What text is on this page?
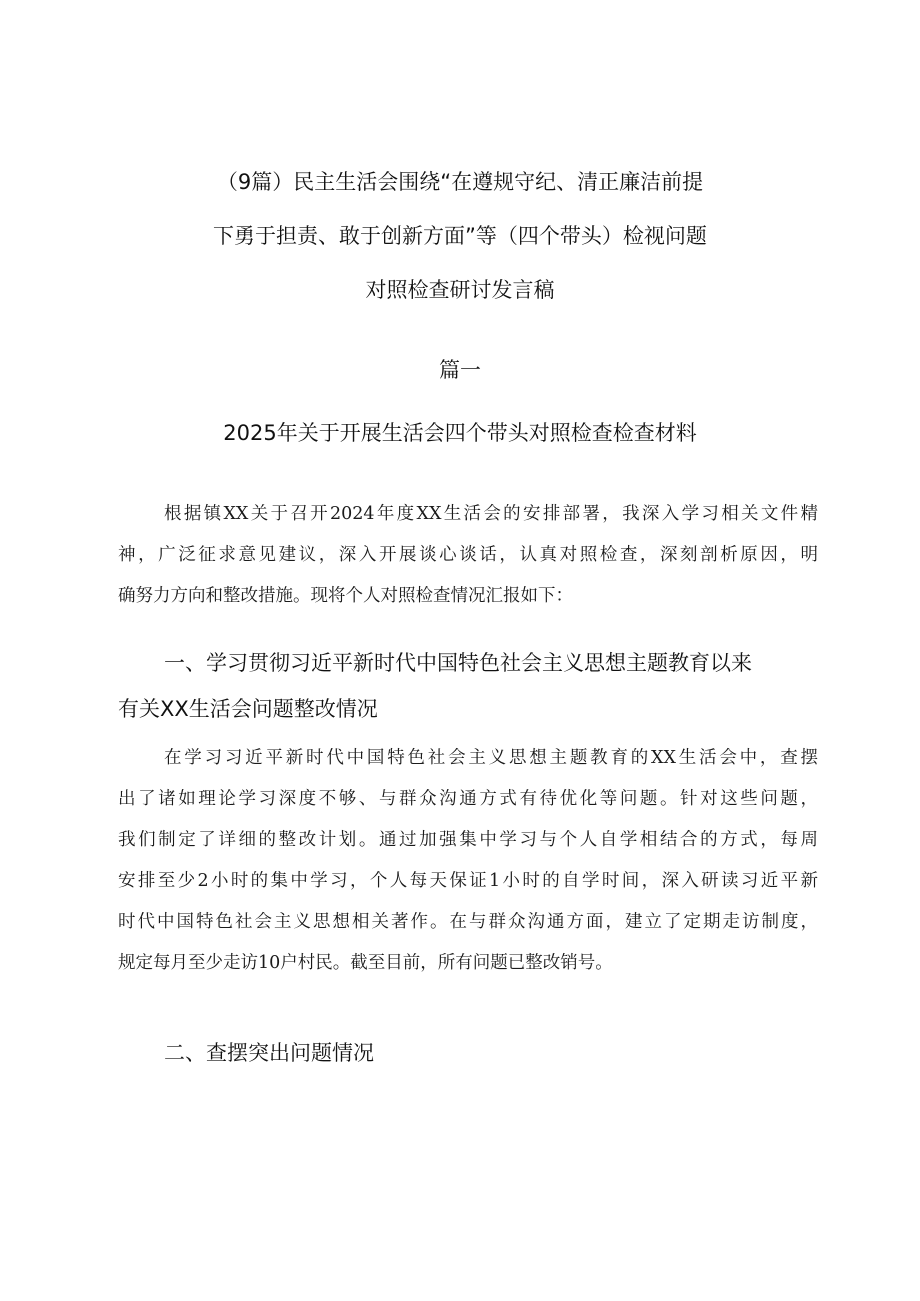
（9篇）民主生活会围绕“在遵规守纪、清正廉洁前提
下勇于担责、敢于创新方面”等（四个带头）检视问题
对照检查研讨发言稿
篇一
2025年关于开展生活会四个带头对照检查检查材料
根据镇XX关于召开2024年度XX生活会的安排部署，我深入学习相关文件精
神，广泛征求意见建议，深入开展谈心谈话，认真对照检查，深刻剖析原因，明
确努力方向和整改措施。现将个人对照检查情况汇报如下：
一、学习贯彻习近平新时代中国特色社会主义思想主题教育以来
有关XX生活会问题整改情况
在学习习近平新时代中国特色社会主义思想主题教育的XX生活会中，查摆
出了诸如理论学习深度不够、与群众沟通方式有待优化等问题。针对这些问题，
我们制定了详细的整改计划。通过加强集中学习与个人自学相结合的方式，每周
安排至少2小时的集中学习，个人每天保证1小时的自学时间，深入研读习近平新
时代中国特色社会主义思想相关著作。在与群众沟通方面，建立了定期走访制度，
规定每月至少走访10户村民。截至目前，所有问题已整改销号。
二、查摆突出问题情况
